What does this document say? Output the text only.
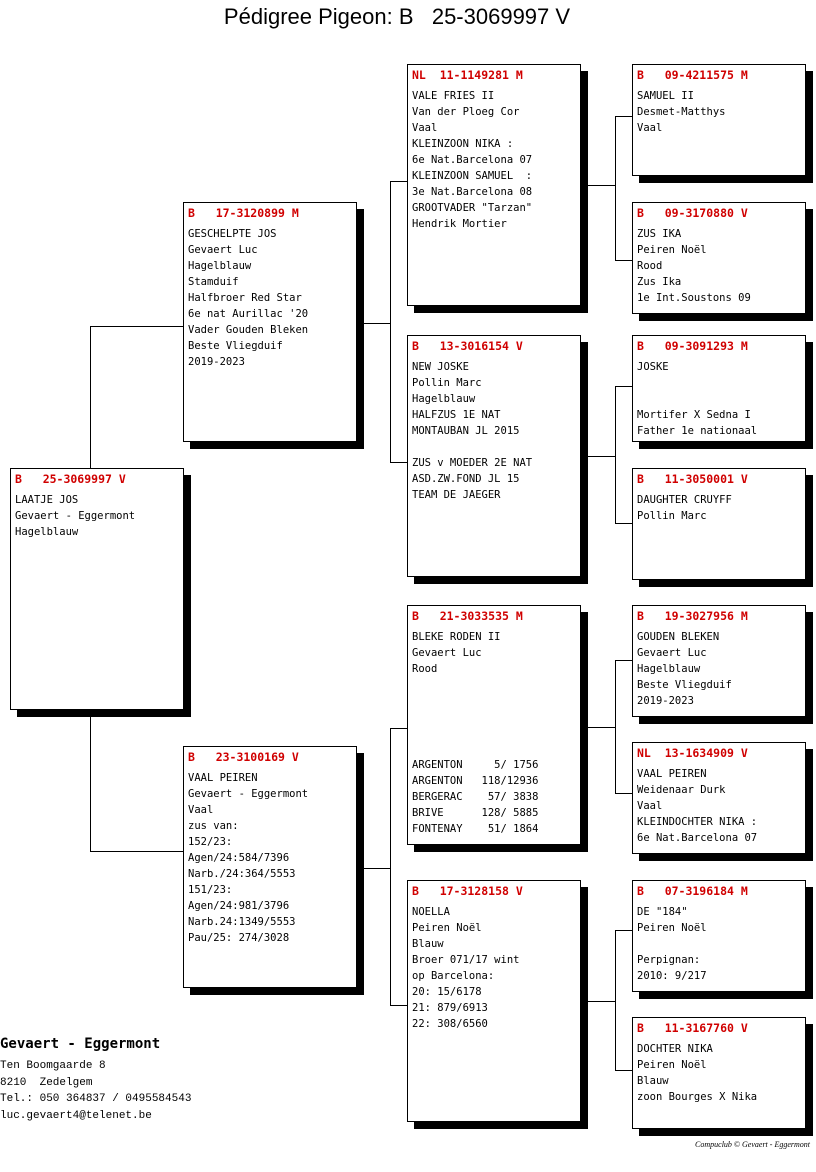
Pédigree Pigeon: B   25-3069997 V
B   25-3069997 V
LAATJE JOS
Gevaert - Eggermont
Hagelblauw
B   17-3120899 M
GESCHELPTE JOS
Gevaert Luc
Hagelblauw
Stamduif
Halfbroer Red Star
6e nat Aurillac '20
Vader Gouden Bleken
Beste Vliegduif
2019-2023
B   23-3100169 V
VAAL PEIREN
Gevaert - Eggermont
Vaal
zus van:
152/23:
Agen/24:584/7396
Narb./24:364/5553
151/23:
Agen/24:981/3796
Narb.24:1349/5553
Pau/25: 274/3028
NL  11-1149281 M
VALE FRIES II
Van der Ploeg Cor
Vaal
KLEINZOON NIKA :
6e Nat.Barcelona 07
KLEINZOON SAMUEL  :
3e Nat.Barcelona 08
GROOTVADER "Tarzan"
Hendrik Mortier
B   13-3016154 V
NEW JOSKE
Pollin Marc
Hagelblauw
HALFZUS 1E NAT
MONTAUBAN JL 2015

ZUS v MOEDER 2E NAT
ASD.ZW.FOND JL 15
TEAM DE JAEGER
B   21-3033535 M
BLEKE RODEN II
Gevaert Luc
Rood

ARGENTON     5/ 1756
ARGENTON   118/12936
BERGERAC    57/ 3838
BRIVE      128/ 5885
FONTENAY    51/ 1864
B   17-3128158 V
NOELLA
Peiren Noël
Blauw
Broer 071/17 wint
op Barcelona:
20: 15/6178
21: 879/6913
22: 308/6560
B   09-4211575 M
SAMUEL II
Desmet-Matthys
Vaal
B   09-3170880 V
ZUS IKA
Peiren Noël
Rood
Zus Ika
1e Int.Soustons 09
B   09-3091293 M
JOSKE

Mortifer X Sedna I
Father 1e nationaal
B   11-3050001 V
DAUGHTER CRUYFF
Pollin Marc
B   19-3027956 M
GOUDEN BLEKEN
Gevaert Luc
Hagelblauw
Beste Vliegduif
2019-2023
NL  13-1634909 V
VAAL PEIREN
Weidenaar Durk
Vaal
KLEINDOCHTER NIKA :
6e Nat.Barcelona 07
B   07-3196184 M
DE "184"
Peiren Noël

Perpignan:
2010: 9/217
B   11-3167760 V
DOCHTER NIKA
Peiren Noël
Blauw
zoon Bourges X Nika
Gevaert - Eggermont
Ten Boomgaarde 8
8210  Zedelgem
Tel.: 050 364837 / 0495584543
luc.gevaert4@telenet.be
Compuclub © Gevaert - Eggermont
